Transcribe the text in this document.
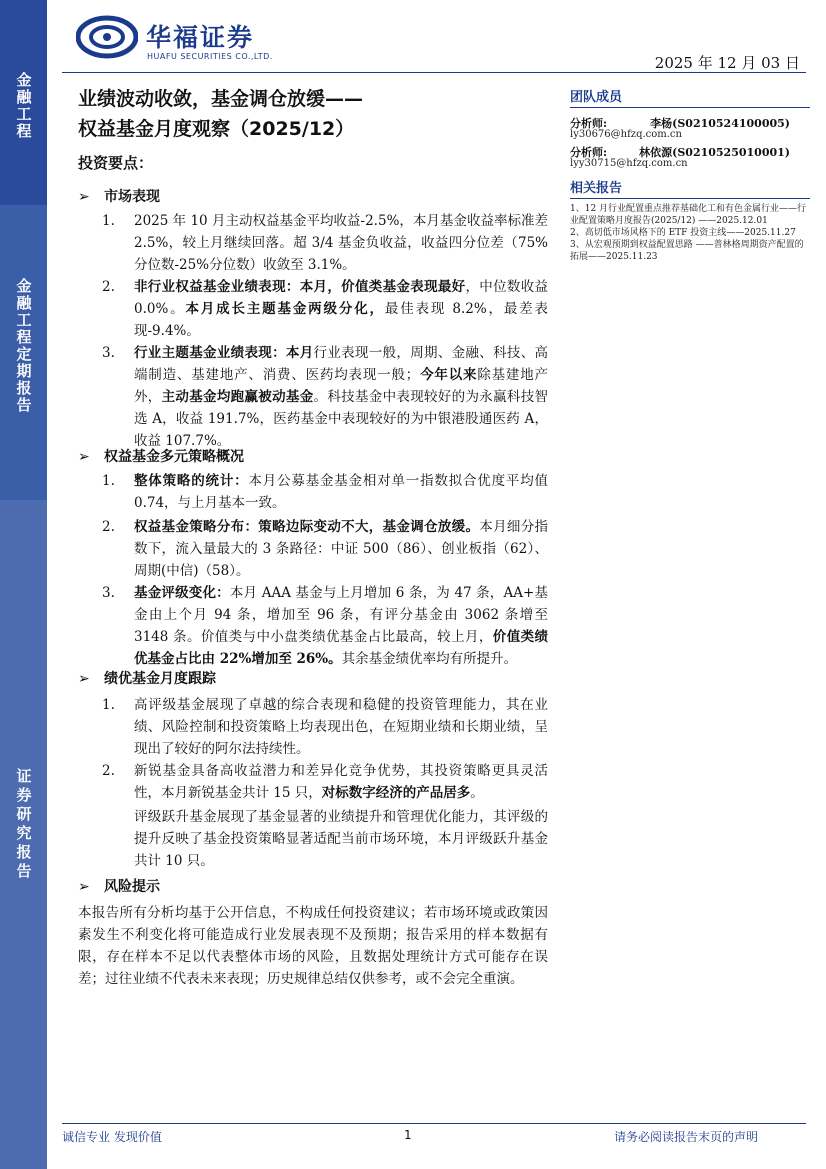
金融工程
金融工程定期报告
证券研究报告
华福证券
HUAFU SECURITIES CO.,LTD.	2025 年 12 月 03 日
业绩波动收敛，基金调仓放缓——
权益基金月度观察（2025/12）
投资要点：
团队成员
分析师:	李杨(S0210524100005)
ly30676@hfzq.com.cn
分析师:	林依源(S0210525010001)
lyy30715@hfzq.com.cn
相关报告
1、12 月行业配置重点推荐基础化工和有色金属行业——行业配置策略月度报告(2025/12) ——2025.12.01
2、高切低市场风格下的 ETF 投资主线——2025.11.27
3、从宏观预期到权益配置思路 ——普林格周期资产配置的拓展——2025.11.23
➢ 市场表现
1. 2025 年 10 月主动权益基金平均收益-2.5%，本月基金收益率标准差 2.5%，较上月继续回落。超 3/4 基金负收益，收益四分位差（75%分位数-25%分位数）收敛至 3.1%。
2. 非行业权益基金业绩表现：本月，价值类基金表现最好，中位数收益 0.0%。本月成长主题基金两级分化，最佳表现 8.2%，最差表现-9.4%。
3. 行业主题基金业绩表现：本月行业表现一般，周期、金融、科技、高端制造、基建地产、消费、医药均表现一般；今年以来除基建地产外，主动基金均跑赢被动基金。科技基金中表现较好的为永赢科技智选 A，收益 191.7%，医药基金中表现较好的为中银港股通医药 A，收益 107.7%。
➢ 权益基金多元策略概况
1. 整体策略的统计：本月公募基金基金相对单一指数拟合优度平均值 0.74，与上月基本一致。
2. 权益基金策略分布：策略边际变动不大，基金调仓放缓。本月细分指数下，流入量最大的 3 条路径：中证 500（86）、创业板指（62）、周期(中信)（58）。
3. 基金评级变化：本月 AAA 基金与上月增加 6 条，为 47 条，AA+基金由上个月 94 条，增加至 96 条，有评分基金由 3062 条增至 3148 条。价值类与中小盘类绩优基金占比最高，较上月，价值类绩优基金占比由 22%增加至 26%。其余基金绩优率均有所提升。
➢ 绩优基金月度跟踪
1. 高评级基金展现了卓越的综合表现和稳健的投资管理能力，其在业绩、风险控制和投资策略上均表现出色，在短期业绩和长期业绩，呈现出了较好的阿尔法持续性。
2. 新锐基金具备高收益潜力和差异化竞争优势，其投资策略更具灵活性，本月新锐基金共计 15 只，对标数字经济的产品居多。
评级跃升基金展现了基金显著的业绩提升和管理优化能力，其评级的提升反映了基金投资策略显著适配当前市场环境，本月评级跃升基金共计 10 只。
➢ 风险提示
本报告所有分析均基于公开信息，不构成任何投资建议；若市场环境或政策因素发生不利变化将可能造成行业发展表现不及预期；报告采用的样本数据有限，存在样本不足以代表整体市场的风险，且数据处理统计方式可能存在误差；过往业绩不代表未来表现；历史规律总结仅供参考，或不会完全重演。
诚信专业 发现价值	1	请务必阅读报告末页的声明
